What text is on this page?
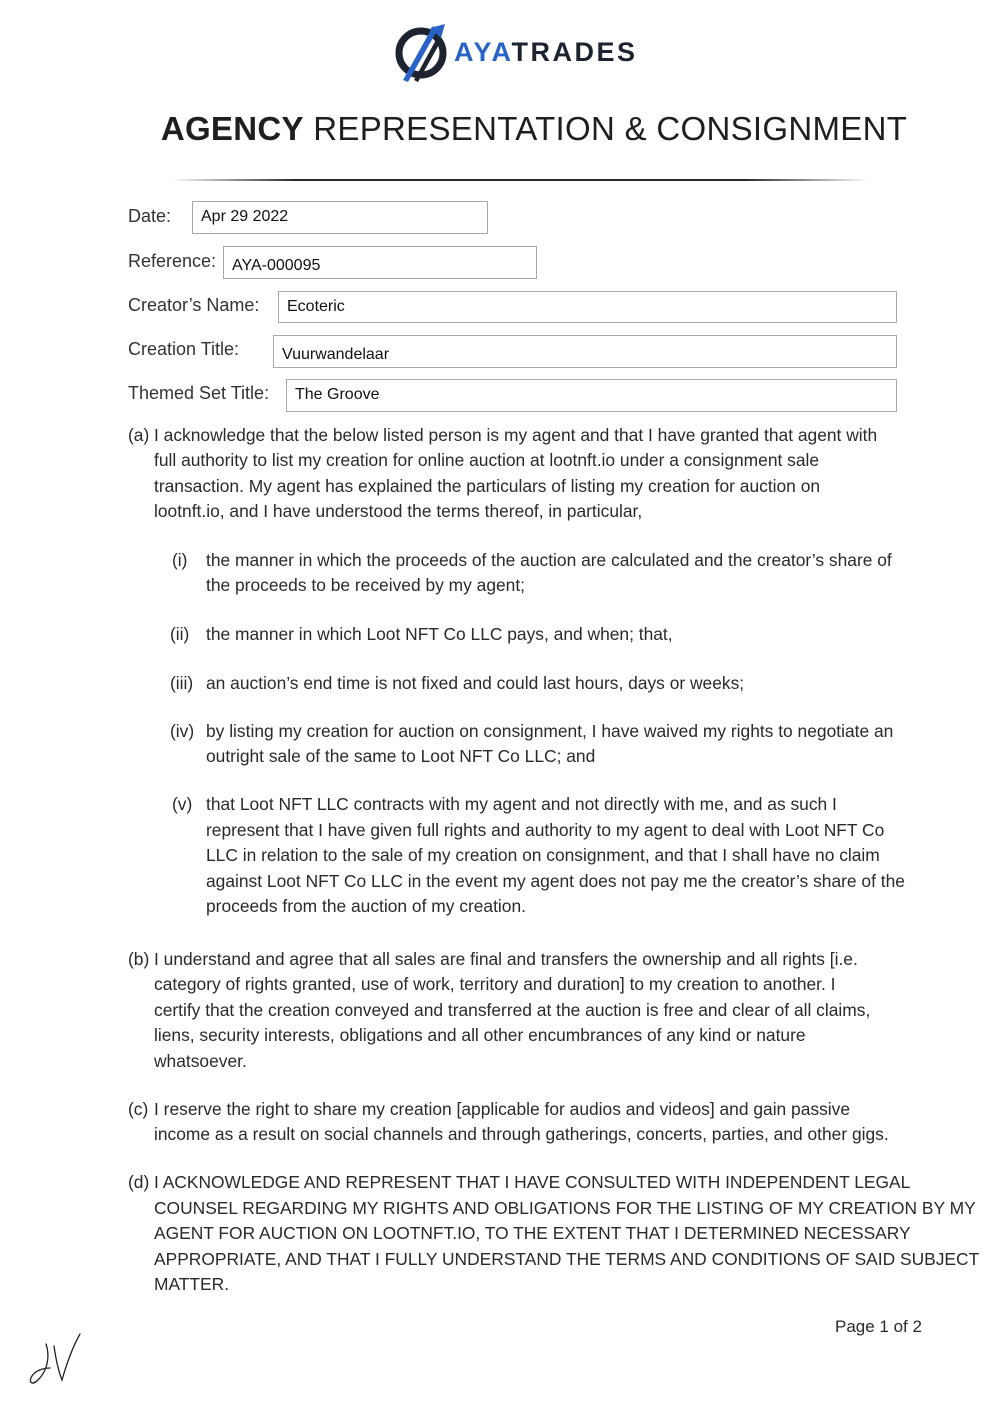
AYATRADES
AGENCY REPRESENTATION & CONSIGNMENT
Date:	Apr 29 2022
Reference: AYA-000095
Creator’s Name:	Ecoteric
Creation Title:	Vuurwandelaar
Themed Set Title:	The Groove
(a) I acknowledge that the below listed person is my agent and that I have granted that agent with
full authority to list my creation for online auction at lootnft.io under a consignment sale
transaction. My agent has explained the particulars of listing my creation for auction on
lootnft.io, and I have understood the terms thereof, in particular,
(i) the manner in which the proceeds of the auction are calculated and the creator’s share of
the proceeds to be received by my agent;
(ii) the manner in which Loot NFT Co LLC pays, and when; that,
(iii) an auction’s end time is not fixed and could last hours, days or weeks;
(iv) by listing my creation for auction on consignment, I have waived my rights to negotiate an
outright sale of the same to Loot NFT Co LLC; and
(v) that Loot NFT LLC contracts with my agent and not directly with me, and as such I
represent that I have given full rights and authority to my agent to deal with Loot NFT Co
LLC in relation to the sale of my creation on consignment, and that I shall have no claim
against Loot NFT Co LLC in the event my agent does not pay me the creator’s share of the
proceeds from the auction of my creation.
(b) I understand and agree that all sales are final and transfers the ownership and all rights [i.e.
category of rights granted, use of work, territory and duration] to my creation to another. I
certify that the creation conveyed and transferred at the auction is free and clear of all claims,
liens, security interests, obligations and all other encumbrances of any kind or nature
whatsoever.
(c) I reserve the right to share my creation [applicable for audios and videos] and gain passive
income as a result on social channels and through gatherings, concerts, parties, and other gigs.
(d) I ACKNOWLEDGE AND REPRESENT THAT I HAVE CONSULTED WITH INDEPENDENT LEGAL
COUNSEL REGARDING MY RIGHTS AND OBLIGATIONS FOR THE LISTING OF MY CREATION BY MY
AGENT FOR AUCTION ON LOOTNFT.IO, TO THE EXTENT THAT I DETERMINED NECESSARY
APPROPRIATE, AND THAT I FULLY UNDERSTAND THE TERMS AND CONDITIONS OF SAID SUBJECT
MATTER.
Page 1 of 2
